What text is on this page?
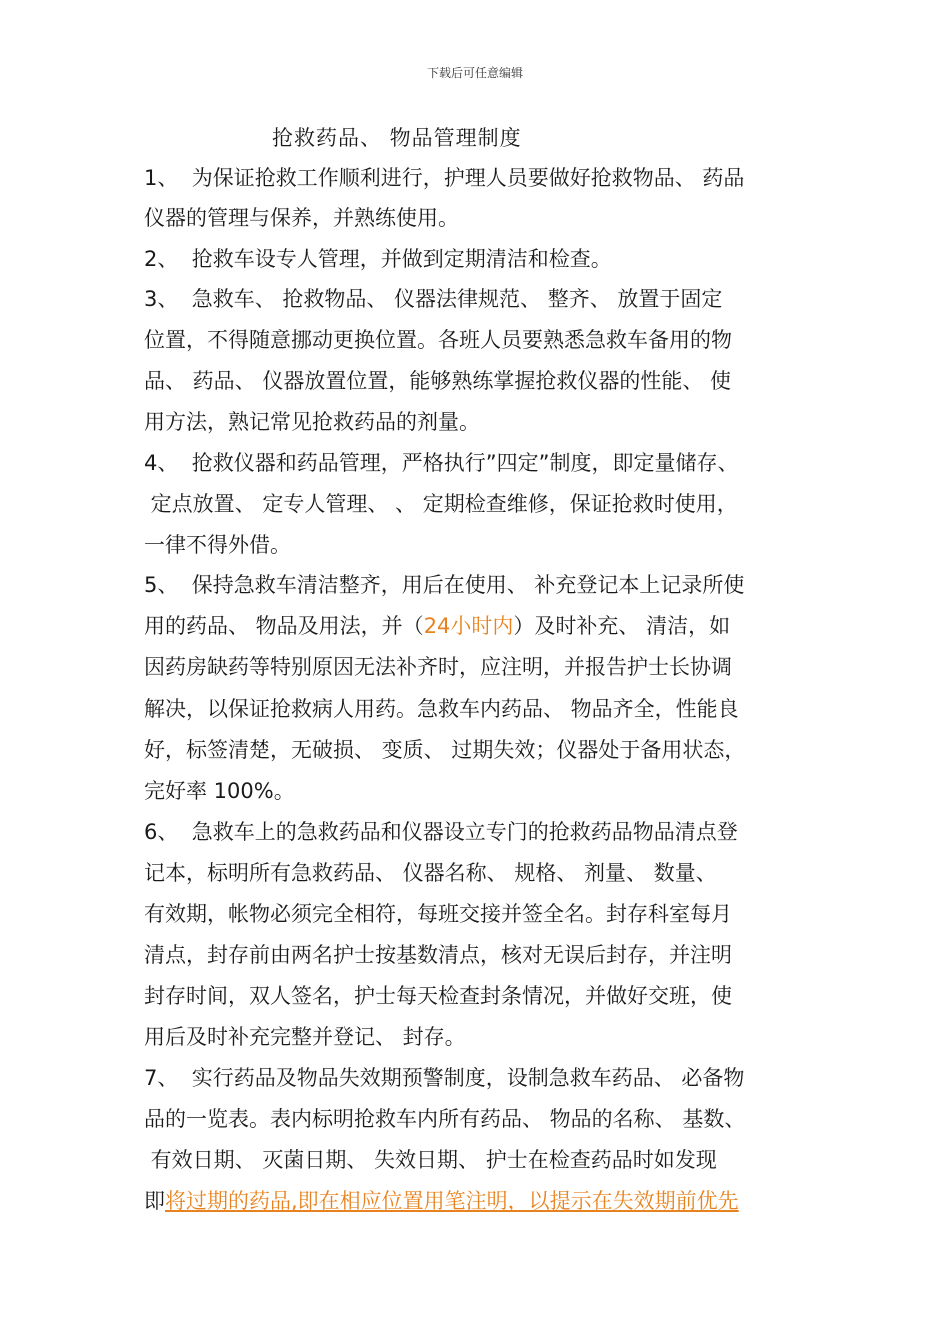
下载后可任意编辑
抢救药品、 物品管理制度
1、  为保证抢救工作顺利进行，护理人员要做好抢救物品、 药品
仪器的管理与保养，并熟练使用。
2、  抢救车设专人管理，并做到定期清洁和检查。
3、  急救车、 抢救物品、 仪器法律规范、 整齐、 放置于固定
位置，不得随意挪动更换位置。各班人员要熟悉急救车备用的物
品、 药品、 仪器放置位置，能够熟练掌握抢救仪器的性能、 使
用方法，熟记常见抢救药品的剂量。
4、  抢救仪器和药品管理，严格执行”四定”制度，即定量储存、
定点放置、 定专人管理、 、 定期检查维修，保证抢救时使用，
一律不得外借。
5、  保持急救车清洁整齐，用后在使用、 补充登记本上记录所使
用的药品、 物品及用法，并（24小时内）及时补充、 清洁，如
因药房缺药等特别原因无法补齐时，应注明，并报告护士长协调
解决，以保证抢救病人用药。急救车内药品、 物品齐全，性能良
好，标签清楚，无破损、 变质、 过期失效；仪器处于备用状态，
完好率 100%。
6、  急救车上的急救药品和仪器设立专门的抢救药品物品清点登
记本，标明所有急救药品、 仪器名称、 规格、 剂量、 数量、
有效期，帐物必须完全相符，每班交接并签全名。封存科室每月
清点，封存前由两名护士按基数清点，核对无误后封存，并注明
封存时间，双人签名，护士每天检查封条情况，并做好交班，使
用后及时补充完整并登记、 封存。
7、  实行药品及物品失效期预警制度，设制急救车药品、 必备物
品的一览表。表内标明抢救车内所有药品、 物品的名称、 基数、
有效日期、 灭菌日期、 失效日期、 护士在检查药品时如发现
即将过期的药品,即在相应位置用笔注明，以提示在失效期前优先
